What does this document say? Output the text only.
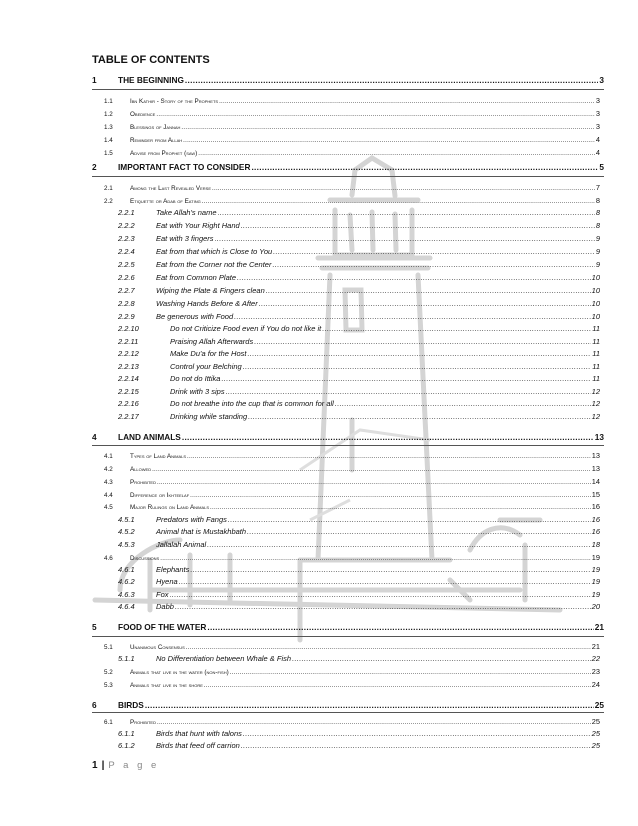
TABLE OF CONTENTS
1	THE BEGINNING .....	3
1.1	Ibn Kathir - Story of the Prophets .....	3
1.2	Obedience .....	3
1.3	Blessings of Jannah .....	3
1.4	Reminder from Allah .....	4
1.5	Advise from Prophet (saw) .....	4
2	IMPORTANT FACT TO CONSIDER .....	5
2.1	Among the Last Revealed Verse .....	7
2.2	Etiquette or Adab of Eating .....	8
2.2.1	Take Allah's name .....	8
2.2.2	Eat with Your Right Hand .....	8
2.2.3	Eat with 3 fingers .....	9
2.2.4	Eat from that which is Close to You .....	9
2.2.5	Eat from the Corner not the Center .....	9
2.2.6	Eat from Common Plate .....	10
2.2.7	Wiping the Plate & Fingers clean .....	10
2.2.8	Washing Hands Before & After .....	10
2.2.9	Be generous with Food .....	10
2.2.10	Do not Criticize Food even if You do not like it .....	11
2.2.11	Praising Allah Afterwards .....	11
2.2.12	Make Du'a for the Host .....	11
2.2.13	Control your Belching .....	11
2.2.14	Do not do Ittika .....	11
2.2.15	Drink with 3 sips .....	12
2.2.16	Do not breathe into the cup that is common for all .....	12
2.2.17	Drinking while standing .....	12
4	LAND ANIMALS .....	13
4.1	Types of Land Animals .....	13
4.2	Allowed .....	13
4.3	Prohibited .....	14
4.4	Difference or Ikhteelaf .....	15
4.5	Major Rulings on Land Animals .....	16
4.5.1	Predators with Fangs .....	16
4.5.2	Animal that is Mustakhbath .....	16
4.5.3	Jallalah Animal .....	18
4.6	Discussions .....	19
4.6.1	Elephants .....	19
4.6.2	Hyena .....	19
4.6.3	Fox .....	19
4.6.4	Dabb .....	20
5	FOOD OF THE WATER .....	21
5.1	Unanimous Consensus .....	21
5.1.1	No Differentiation between Whale & Fish .....	22
5.2	Animals that live in the water (non-fish) .....	23
5.3	Animals that live in the shore .....	24
6	BIRDS .....	25
6.1	Prohibited .....	25
6.1.1	Birds that hunt with talons .....	25
6.1.2	Birds that feed off carrion .....	25
1 | P a g e
